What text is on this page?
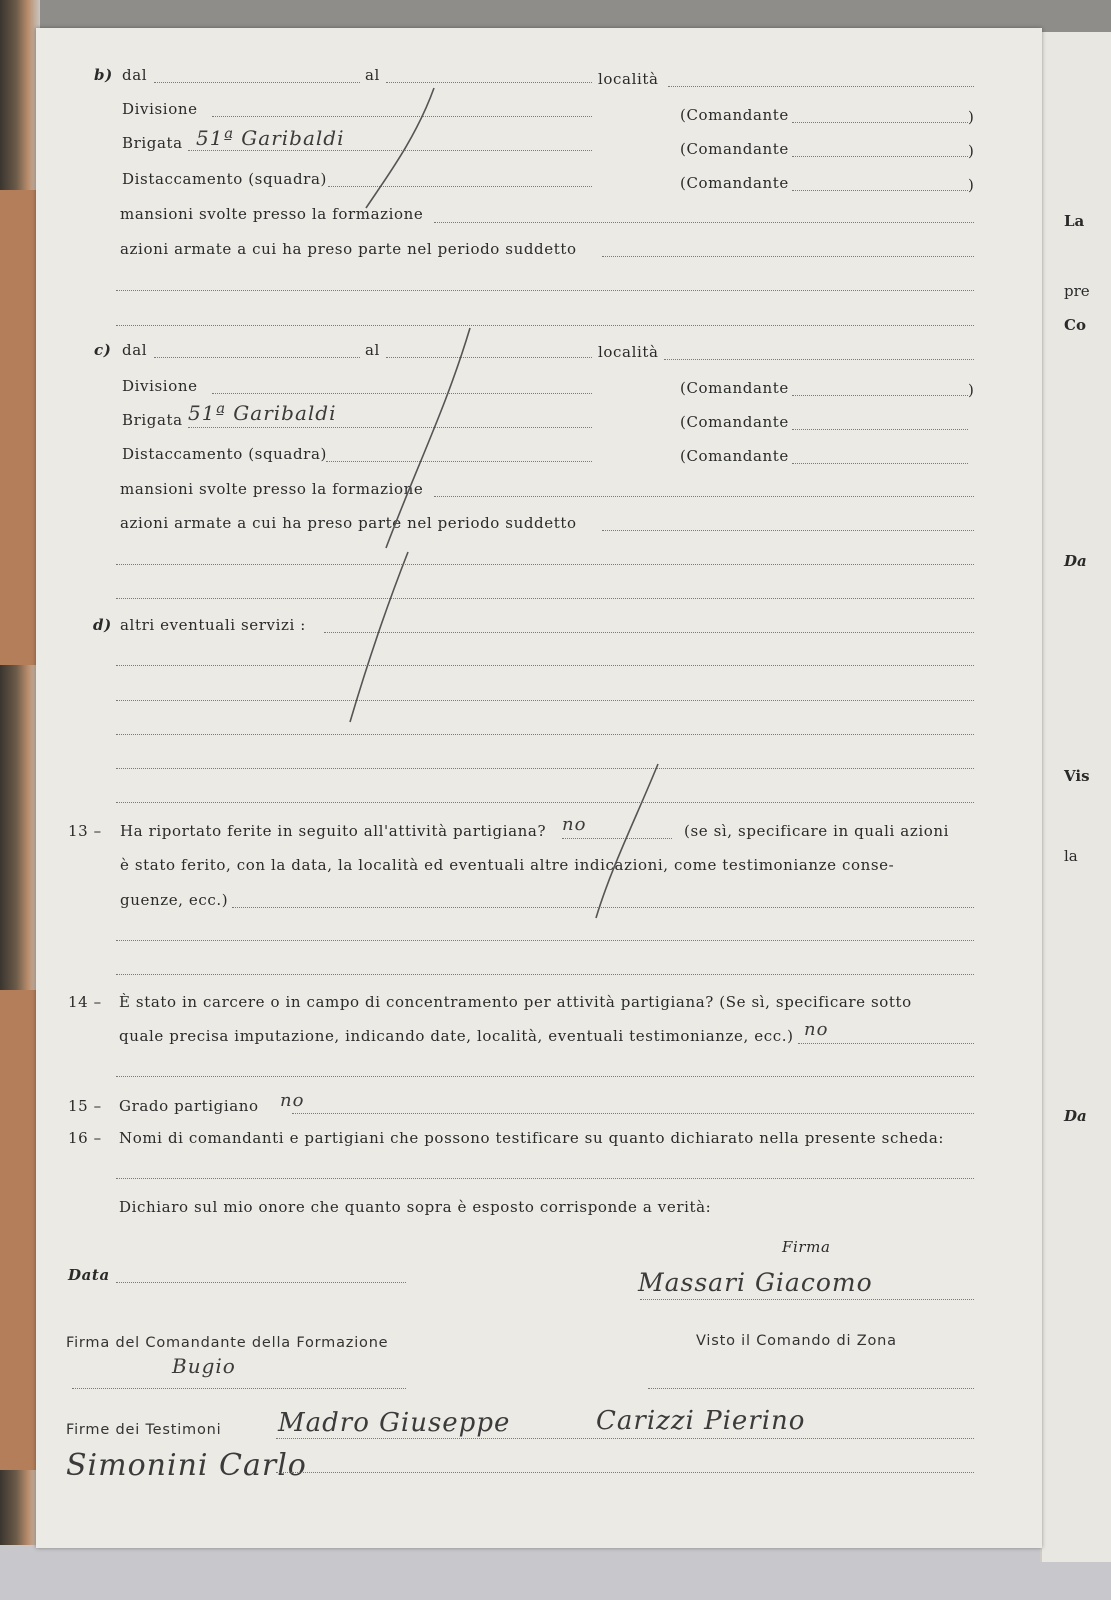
La
pre
Co
Da
Vis
la
Da
b) dal	al	località
Divisione	(Comandante	)
Brigata 51ª Garibaldi	(Comandante	)
Distaccamento (squadra)	(Comandante	)
mansioni svolte presso la formazione
azioni armate a cui ha preso parte nel periodo suddetto
c) dal	al	località
Divisione	(Comandante	)
Brigata 51ª Garibaldi	(Comandante
Distaccamento (squadra)	(Comandante
mansioni svolte presso la formazione
azioni armate a cui ha preso parte nel periodo suddetto
d) altri eventuali servizi :
13 – Ha riportato ferite in seguito all'attività partigiana? no	(se sì, specificare in quali azioni
è stato ferito, con la data, la località ed eventuali altre indicazioni, come testimonianze conse-
guenze, ecc.)
14 – È stato in carcere o in campo di concentramento per attività partigiana? (Se sì, specificare sotto
quale precisa imputazione, indicando date, località, eventuali testimonianze, ecc.) no
15 – Grado partigiano no
16 – Nomi di comandanti e partigiani che possono testificare su quanto dichiarato nella presente scheda:
Dichiaro sul mio onore che quanto sopra è esposto corrisponde a verità:
Firma
Data	Massari Giacomo
Firma del Comandante della Formazione	Visto il Comando di Zona
Bugio
Firme dei Testimoni Madro Giuseppe	Carizzi Pierino
Simonini Carlo
